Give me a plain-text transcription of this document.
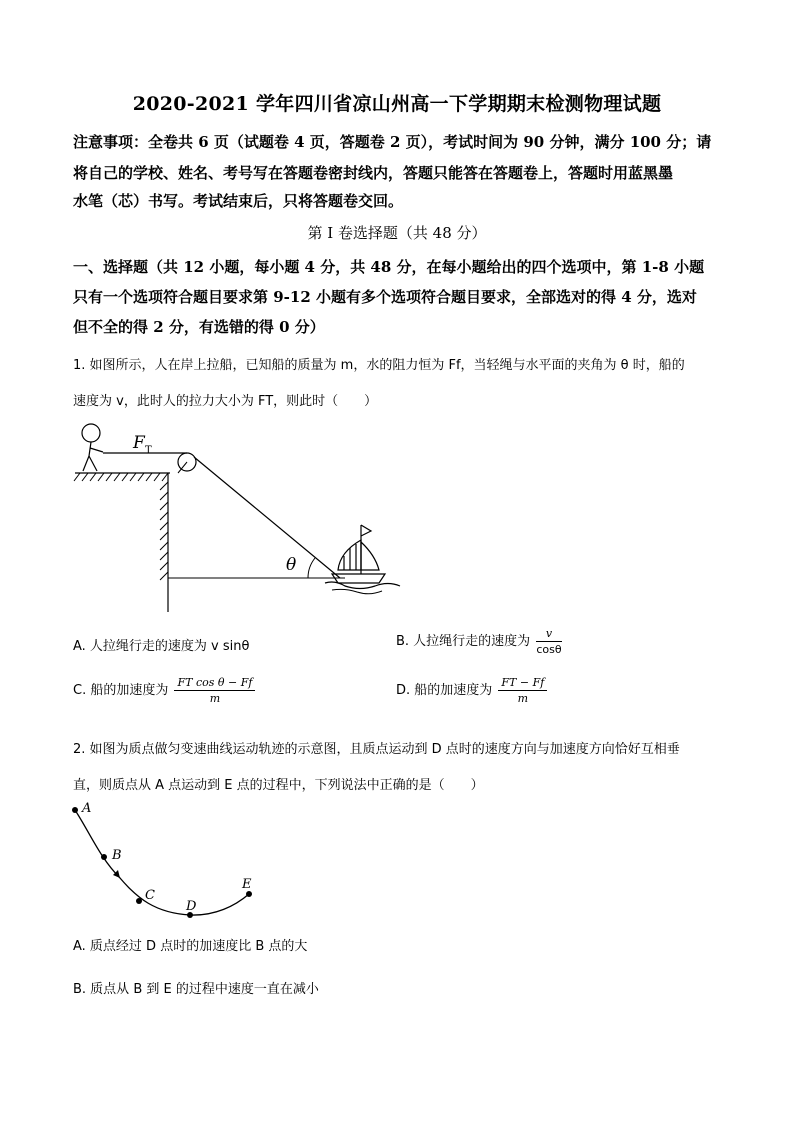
2020-2021 学年四川省凉山州高一下学期期末检测物理试题
注意事项：全卷共 6 页（试题卷 4 页，答题卷 2 页），考试时间为 90 分钟，满分 100 分；请
将自己的学校、姓名、考号写在答题卷密封线内，答题只能答在答题卷上，答题时用蓝黑墨
水笔（芯）书写。考试结束后，只将答题卷交回。
第 I 卷选择题（共 48 分）
一、选择题（共 12 小题，每小题 4 分，共 48 分，在每小题给出的四个选项中，第 1-8 小题
只有一个选项符合题目要求第 9-12 小题有多个选项符合题目要求，全部选对的得 4 分，选对
但不全的得 2 分，有选错的得 0 分）
1. 如图所示，人在岸上拉船，已知船的质量为 m，水的阻力恒为 Ff，当轻绳与水平面的夹角为 θ 时，船的
速度为 v，此时人的拉力大小为 FT，则此时（　　）
θ
F T
A. 人拉绳行走的速度为 v sinθ	B. 人拉绳行走的速度为 $\frac{v}{\cos\theta}$
C. 船的加速度为 $\frac{\text{FT cos θ − Ff}}{m}$	D. 船的加速度为 $\frac{FT - Ff}{m}$
2. 如图为质点做匀变速曲线运动轨迹的示意图，且质点运动到 D 点时的速度方向与加速度方向恰好互相垂
直，则质点从 A 点运动到 E 点的过程中，下列说法中正确的是（　　）
A
B
C
D
E
A. 质点经过 D 点时的加速度比 B 点的大
B. 质点从 B 到 E 的过程中速度一直在减小
